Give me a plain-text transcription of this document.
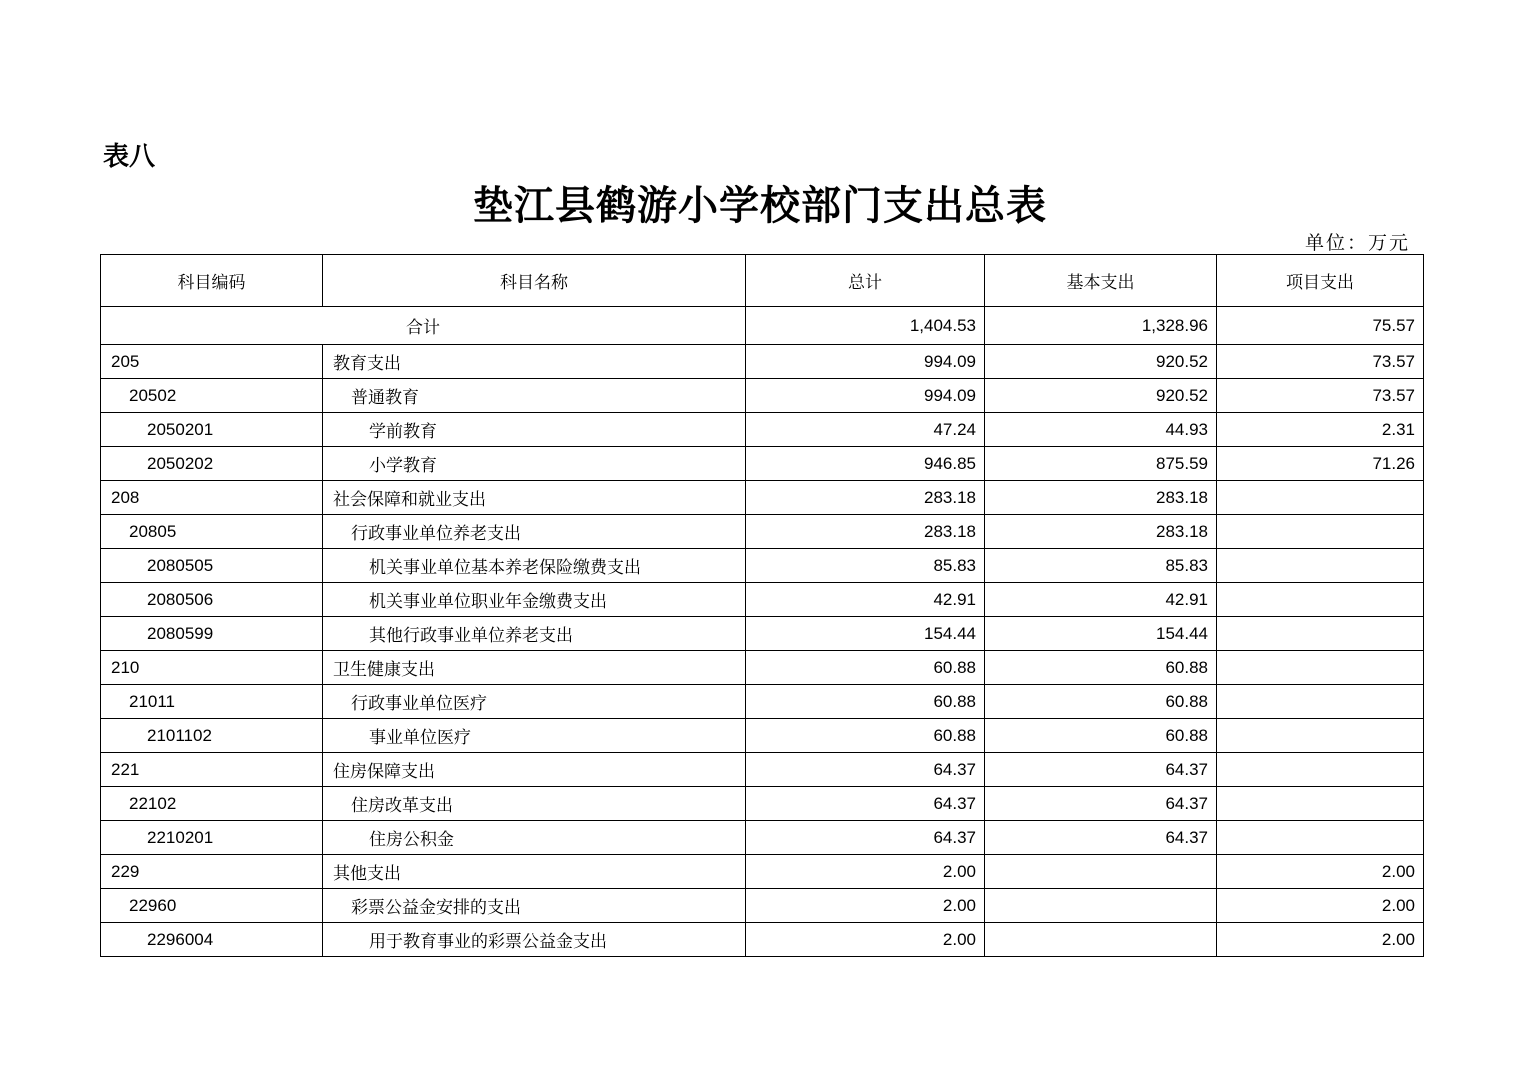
表八
垫江县鹤游小学校部门支出总表
单位：万元
科目编码	科目名称	总计	基本支出	项目支出
合计		1,404.53	1,328.96	75.57
205	教育支出	994.09	920.52	73.57
20502	普通教育	994.09	920.52	73.57
2050201	学前教育	47.24	44.93	2.31
2050202	小学教育	946.85	875.59	71.26
208	社会保障和就业支出	283.18	283.18	
20805	行政事业单位养老支出	283.18	283.18	
2080505	机关事业单位基本养老保险缴费支出	85.83	85.83	
2080506	机关事业单位职业年金缴费支出	42.91	42.91	
2080599	其他行政事业单位养老支出	154.44	154.44	
210	卫生健康支出	60.88	60.88	
21011	行政事业单位医疗	60.88	60.88	
2101102	事业单位医疗	60.88	60.88	
221	住房保障支出	64.37	64.37	
22102	住房改革支出	64.37	64.37	
2210201	住房公积金	64.37	64.37	
229	其他支出	2.00		2.00
22960	彩票公益金安排的支出	2.00		2.00
2296004	用于教育事业的彩票公益金支出	2.00		2.00
